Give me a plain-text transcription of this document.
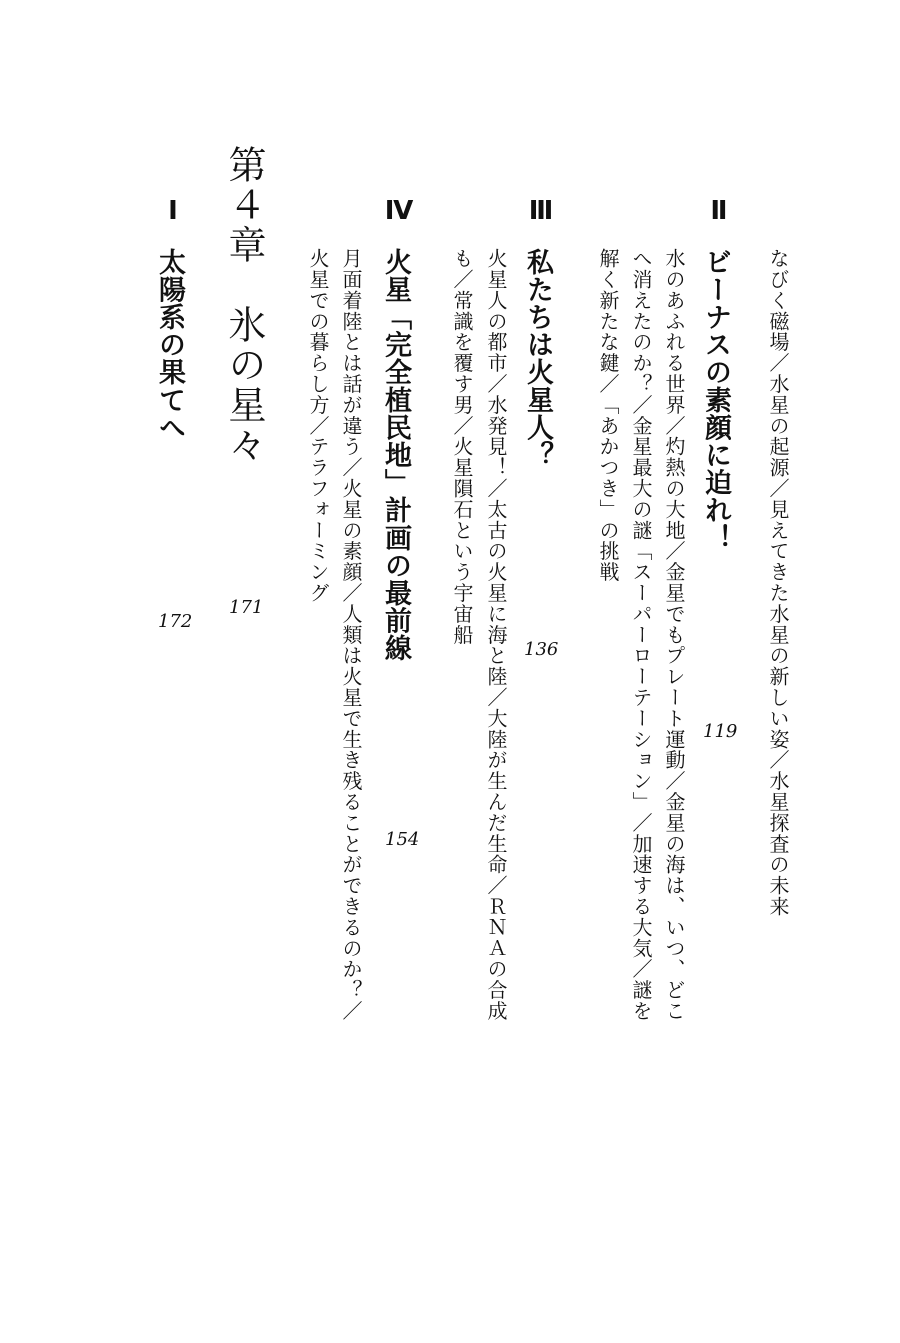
なびく磁場／水星の起源／見えてきた水星の新しい姿／水星探査の未来
Ⅱ
ビーナスの素顔に迫れ！
水のあふれる世界／灼熱の大地／金星でもプレート運動／金星の海は、いつ、どこ
へ消えたのか？／金星最大の謎「スーパーローテーション」／加速する大気／謎を
解く新たな鍵／「あかつき」の挑戦
119
Ⅲ
私たちは火星人？
火星人の都市／水発見！／太古の火星に海と陸／大陸が生んだ生命／ＲＮＡの合成
も／常識を覆す男／火星隕石という宇宙船
136
Ⅳ
火星「完全植民地」計画の最前線
月面着陸とは話が違う／火星の素顔／人類は火星で生き残ることができるのか？／
火星での暮らし方／テラフォーミング
154
第４章　氷の星々
171
Ⅰ
太陽系の果てへ
172
